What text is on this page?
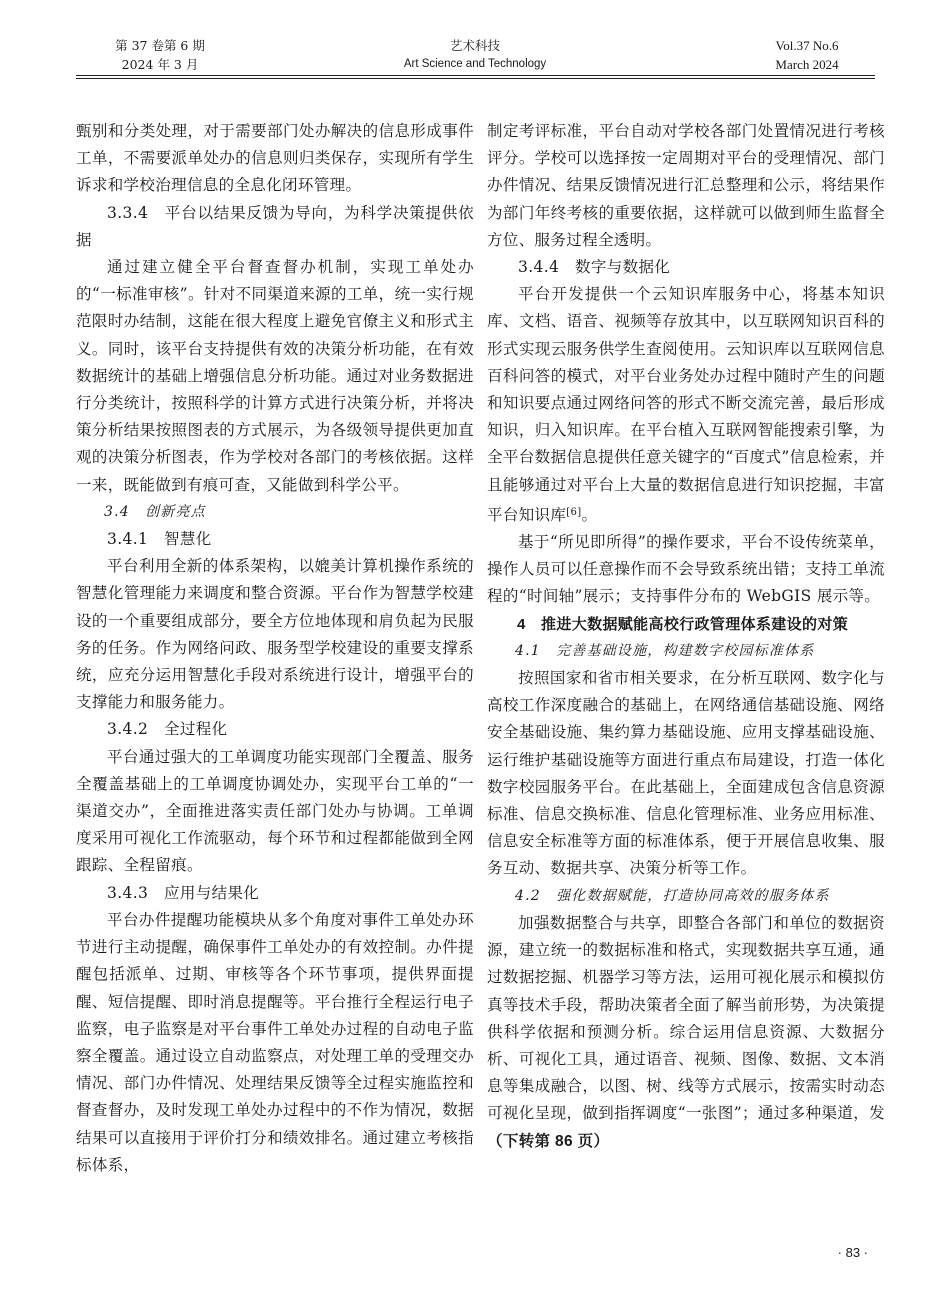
第 37 卷第 6 期
2024 年 3 月
艺术科技
Art Science and Technology
Vol.37 No.6
March 2024

甄别和分类处理，对于需要部门处办解决的信息形成事件工单，不需要派单处办的信息则归类保存，实现所有学生诉求和学校治理信息的全息化闭环管理。

3.3.4　平台以结果反馈为导向，为科学决策提供依据

通过建立健全平台督查督办机制，实现工单处办的“一标准审核”。针对不同渠道来源的工单，统一实行规范限时办结制，这能在很大程度上避免官僚主义和形式主义。同时，该平台支持提供有效的决策分析功能，在有效数据统计的基础上增强信息分析功能。通过对业务数据进行分类统计，按照科学的计算方式进行决策分析，并将决策分析结果按照图表的方式展示，为各级领导提供更加直观的决策分析图表，作为学校对各部门的考核依据。这样一来，既能做到有痕可查，又能做到科学公平。

3.4　创新亮点

3.4.1　智慧化

平台利用全新的体系架构，以媲美计算机操作系统的智慧化管理能力来调度和整合资源。平台作为智慧学校建设的一个重要组成部分，要全方位地体现和肩负起为民服务的任务。作为网络问政、服务型学校建设的重要支撑系统，应充分运用智慧化手段对系统进行设计，增强平台的支撑能力和服务能力。

3.4.2　全过程化

平台通过强大的工单调度功能实现部门全覆盖、服务全覆盖基础上的工单调度协调处办，实现平台工单的“一渠道交办”，全面推进落实责任部门处办与协调。工单调度采用可视化工作流驱动，每个环节和过程都能做到全网跟踪、全程留痕。

3.4.3　应用与结果化

平台办件提醒功能模块从多个角度对事件工单处办环节进行主动提醒，确保事件工单处办的有效控制。办件提醒包括派单、过期、审核等各个环节事项，提供界面提醒、短信提醒、即时消息提醒等。平台推行全程运行电子监察，电子监察是对平台事件工单处办过程的自动电子监察全覆盖。通过设立自动监察点，对处理工单的受理交办情况、部门办件情况、处理结果反馈等全过程实施监控和督查督办，及时发现工单处办过程中的不作为情况，数据结果可以直接用于评价打分和绩效排名。通过建立考核指标体系，

制定考评标准，平台自动对学校各部门处置情况进行考核评分。学校可以选择按一定周期对平台的受理情况、部门办件情况、结果反馈情况进行汇总整理和公示，将结果作为部门年终考核的重要依据，这样就可以做到师生监督全方位、服务过程全透明。

3.4.4　数字与数据化

平台开发提供一个云知识库服务中心，将基本知识库、文档、语音、视频等存放其中，以互联网知识百科的形式实现云服务供学生查阅使用。云知识库以互联网信息百科问答的模式，对平台业务处办过程中随时产生的问题和知识要点通过网络问答的形式不断交流完善，最后形成知识，归入知识库。在平台植入互联网智能搜索引擎，为全平台数据信息提供任意关键字的“百度式”信息检索，并且能够通过对平台上大量的数据信息进行知识挖掘，丰富平台知识库[6]。

基于“所见即所得”的操作要求，平台不设传统菜单，操作人员可以任意操作而不会导致系统出错；支持工单流程的“时间轴”展示；支持事件分布的 WebGIS 展示等。

4　推进大数据赋能高校行政管理体系建设的对策

4.1　完善基础设施，构建数字校园标准体系

按照国家和省市相关要求，在分析互联网、数字化与高校工作深度融合的基础上，在网络通信基础设施、网络安全基础设施、集约算力基础设施、应用支撑基础设施、运行维护基础设施等方面进行重点布局建设，打造一体化数字校园服务平台。在此基础上，全面建成包含信息资源标准、信息交换标准、信息化管理标准、业务应用标准、信息安全标准等方面的标准体系，便于开展信息收集、服务互动、数据共享、决策分析等工作。

4.2　强化数据赋能，打造协同高效的服务体系

加强数据整合与共享，即整合各部门和单位的数据资源，建立统一的数据标准和格式，实现数据共享互通，通过数据挖掘、机器学习等方法，运用可视化展示和模拟仿真等技术手段，帮助决策者全面了解当前形势，为决策提供科学依据和预测分析。综合运用信息资源、大数据分析、可视化工具，通过语音、视频、图像、数据、文本消息等集成融合，以图、树、线等方式展示，按需实时动态可视化呈现，做到指挥调度“一张图”；通过多种渠道，发（下转第 86 页）

· 83 ·
